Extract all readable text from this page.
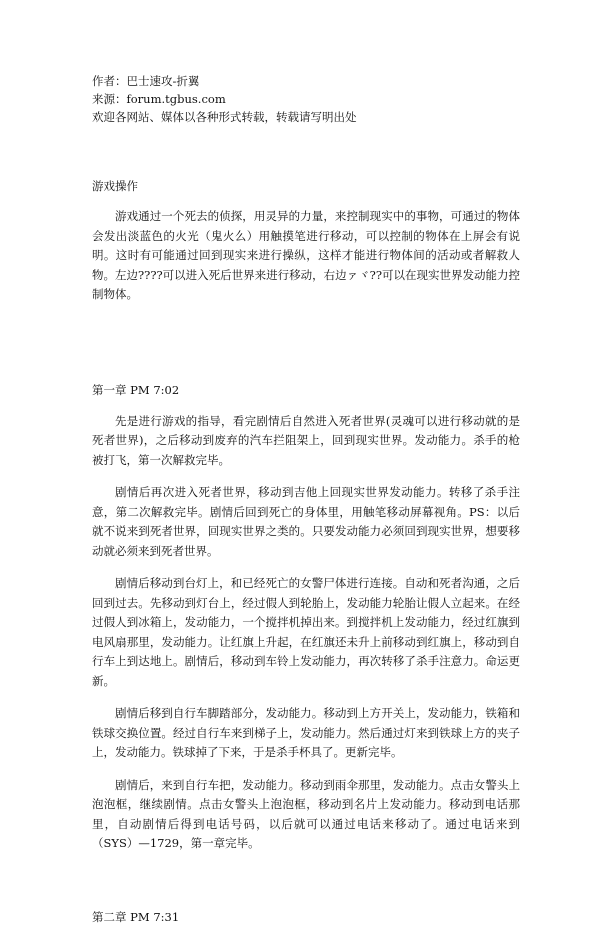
作者：巴士速攻-折翼
来源：forum.tgbus.com
欢迎各网站、媒体以各种形式转载，转载请写明出处
游戏操作

游戏通过一个死去的侦探，用灵异的力量，来控制现实中的事物，可通过的物体会发出淡蓝色的火光（鬼火么）用触摸笔进行移动，可以控制的物体在上屏会有说明。这时有可能通过回到现实来进行操纵，这样才能进行物体间的活动或者解救人物。左边????可以进入死后世界来进行移动，右边ァヾ??可以在现实世界发动能力控制物体。

第一章 PM 7:02

先是进行游戏的指导，看完剧情后自然进入死者世界(灵魂可以进行移动就的是死者世界)，之后移动到废弃的汽车拦阻架上，回到现实世界。发动能力。杀手的枪被打飞，第一次解救完毕。

剧情后再次进入死者世界，移动到吉他上回现实世界发动能力。转移了杀手注意，第二次解救完毕。剧情后回到死亡的身体里，用触笔移动屏幕视角。PS：以后就不说来到死者世界，回现实世界之类的。只要发动能力必须回到现实世界，想要移动就必须来到死者世界。

剧情后移动到台灯上，和已经死亡的女警尸体进行连接。自动和死者沟通，之后回到过去。先移动到灯台上，经过假人到轮胎上，发动能力轮胎让假人立起来。在经过假人到冰箱上，发动能力，一个搅拌机掉出来。到搅拌机上发动能力，经过红旗到电风扇那里，发动能力。让红旗上升起，在红旗还未升上前移动到红旗上，移动到自行车上到达地上。剧情后，移动到车铃上发动能力，再次转移了杀手注意力。命运更新。

剧情后移到自行车脚踏部分，发动能力。移动到上方开关上，发动能力，铁箱和铁球交换位置。经过自行车来到梯子上，发动能力。然后通过灯来到铁球上方的夹子上，发动能力。铁球掉了下来，于是杀手杯具了。更新完毕。

剧情后，来到自行车把，发动能力。移动到雨伞那里，发动能力。点击女警头上泡泡框，继续剧情。点击女警头上泡泡框，移动到名片上发动能力。移动到电话那里，自动剧情后得到电话号码，以后就可以通过电话来移动了。通过电话来到（SYS）—1729，第一章完毕。

第二章 PM 7:31
